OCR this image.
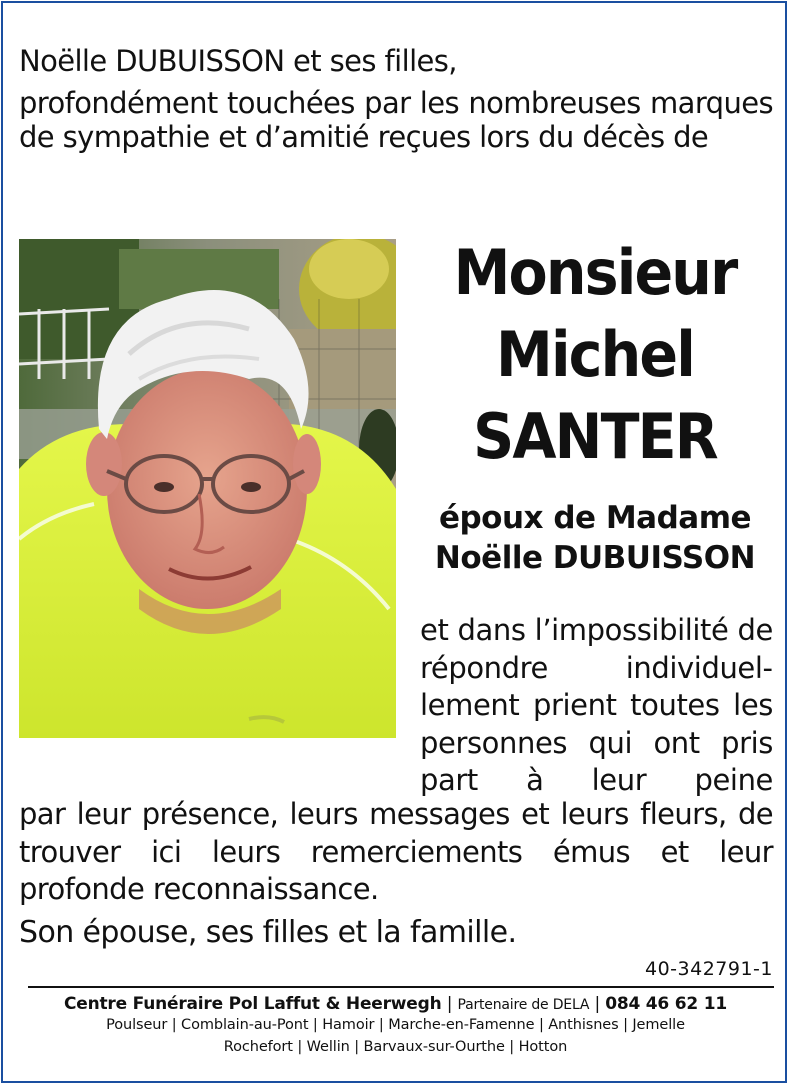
Noëlle DUBUISSON et ses filles,
profondément touchées par les nombreuses marques de sympathie et d’amitié reçues lors du décès de
Monsieur
Michel
SANTER
époux de Madame
Noëlle DUBUISSON
et dans l’impossibilité de répondre individuellement prient toutes les personnes qui ont pris part à leur peine
par leur présence, leurs messages et leurs fleurs, de trouver ici leurs remerciements émus et leur profonde reconnaissance.
Son épouse, ses filles et la famille.
40-342791-1
Centre Funéraire Pol Laffut & Heerwegh | Partenaire de DELA | 084 46 62 11
Poulseur | Comblain-au-Pont | Hamoir | Marche-en-Famenne | Anthisnes | Jemelle
Rochefort | Wellin | Barvaux-sur-Ourthe | Hotton
